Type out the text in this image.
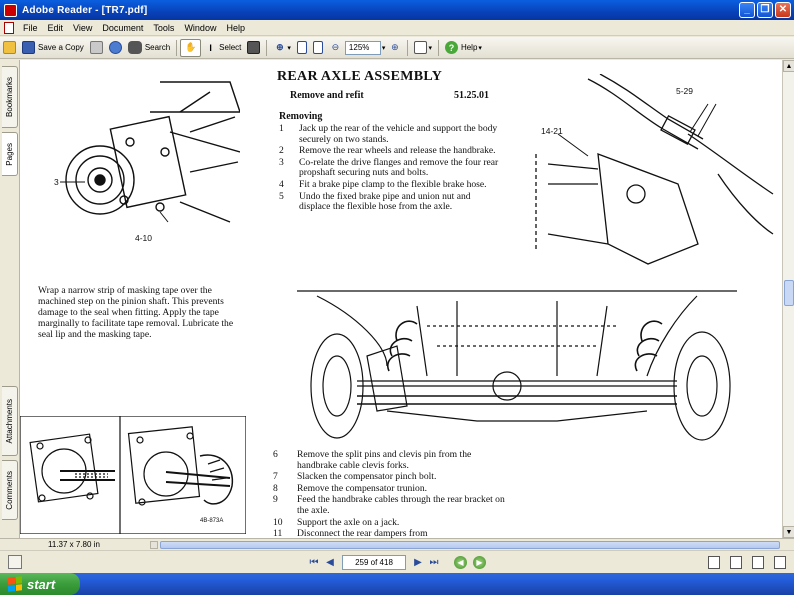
Adobe Reader - [TR7.pdf]	_	❐ ✕
File	Edit	View	Document	Tools	Window	Help
Save a Copy	Search ✋	I Select	⊕ ▾	⊖	125%	▾ ⊕	▾	? Help ▾
Bookmarks
Pages
Attachments
Comments
3
4-10
REAR AXLE ASSEMBLY
Remove and refit	51.25.01
Removing
1	Jack up the rear of the vehicle and support the body securely on two stands.
2	Remove the rear wheels and release the handbrake.
3	Co-relate the drive flanges and remove the four rear propshaft securing nuts and bolts.
4	Fit a brake pipe clamp to the flexible brake hose.
5	Undo the fixed brake pipe and union nut and displace the flexible hose from the axle.
5-29
14-21
Wrap a narrow strip of masking tape over the machined step on the pinion shaft. This prevents damage to the seal when fitting. Apply the tape marginally to facilitate tape removal. Lubricate the seal lip and the masking tape.
4B-873A
6	Remove the split pins and clevis pin from the handbrake cable clevis forks.
7	Slacken the compensator pinch bolt.
8	Remove the compensator trunion.
9	Feed the handbrake cables through the rear bracket on the axle.
10	Support the axle on a jack.
11	Disconnect the rear dampers from
▲
▼
11.37 x 7.80 in
⏮ ◀	259 of 418	▶ ⏭	◀	▶
start
